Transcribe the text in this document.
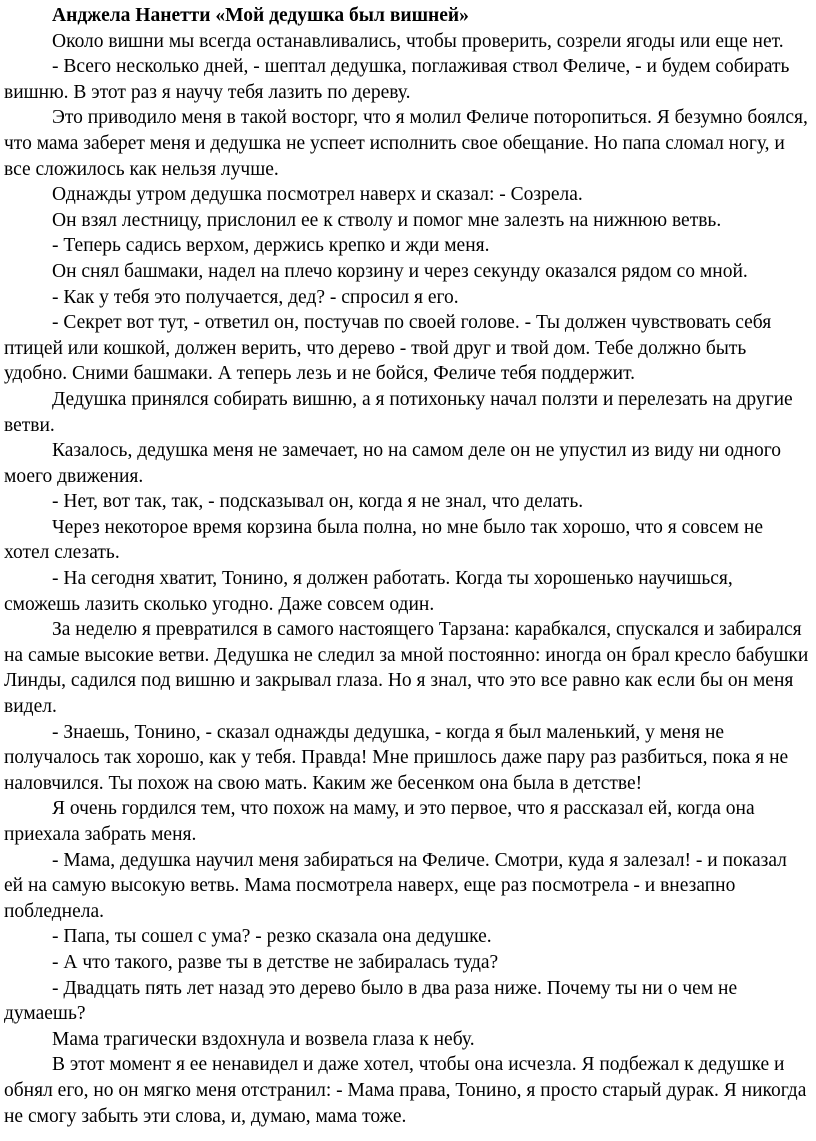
Анджела Нанетти «Мой дедушка был вишней»

Около вишни мы всегда останавливались, чтобы проверить, созрели ягоды или еще нет.

- Всего несколько дней, - шептал дедушка, поглаживая ствол Феличе, - и будем собирать вишню. В этот раз я научу тебя лазить по дереву.

Это приводило меня в такой восторг, что я молил Феличе поторопиться. Я безумно боялся, что мама заберет меня и дедушка не успеет исполнить свое обещание. Но папа сломал ногу, и все сложилось как нельзя лучше.

Однажды утром дедушка посмотрел наверх и сказал: - Созрела.

Он взял лестницу, прислонил ее к стволу и помог мне залезть на нижнюю ветвь.

- Теперь садись верхом, держись крепко и жди меня.

Он снял башмаки, надел на плечо корзину и через секунду оказался рядом со мной.

- Как у тебя это получается, дед? - спросил я его.

- Секрет вот тут, - ответил он, постучав по своей голове. - Ты должен чувствовать себя птицей или кошкой, должен верить, что дерево - твой друг и твой дом. Тебе должно быть удобно. Сними башмаки. А теперь лезь и не бойся, Феличе тебя поддержит.

Дедушка принялся собирать вишню, а я потихоньку начал ползти и перелезать на другие ветви.

Казалось, дедушка меня не замечает, но на самом деле он не упустил из виду ни одного моего движения.

- Нет, вот так, так, - подсказывал он, когда я не знал, что делать.

Через некоторое время корзина была полна, но мне было так хорошо, что я совсем не хотел слезать.

- На сегодня хватит, Тонино, я должен работать. Когда ты хорошенько научишься, сможешь лазить сколько угодно. Даже совсем один.

За неделю я превратился в самого настоящего Тарзана: карабкался, спускался и забирался на самые высокие ветви. Дедушка не следил за мной постоянно: иногда он брал кресло бабушки Линды, садился под вишню и закрывал глаза. Но я знал, что это все равно как если бы он меня видел.

- Знаешь, Тонино, - сказал однажды дедушка, - когда я был маленький, у меня не получалось так хорошо, как у тебя. Правда! Мне пришлось даже пару раз разбиться, пока я не наловчился. Ты похож на свою мать. Каким же бесенком она была в детстве!

Я очень гордился тем, что похож на маму, и это первое, что я рассказал ей, когда она приехала забрать меня.

- Мама, дедушка научил меня забираться на Феличе. Смотри, куда я залезал! - и показал ей на самую высокую ветвь. Мама посмотрела наверх, еще раз посмотрела - и внезапно побледнела.

- Папа, ты сошел с ума? - резко сказала она дедушке.

- А что такого, разве ты в детстве не забиралась туда?

- Двадцать пять лет назад это дерево было в два раза ниже. Почему ты ни о чем не думаешь?

Мама трагически вздохнула и возвела глаза к небу.

В этот момент я ее ненавидел и даже хотел, чтобы она исчезла. Я подбежал к дедушке и обнял его, но он мягко меня отстранил: - Мама права, Тонино, я просто старый дурак. Я никогда не смогу забыть эти слова, и, думаю, мама тоже.
